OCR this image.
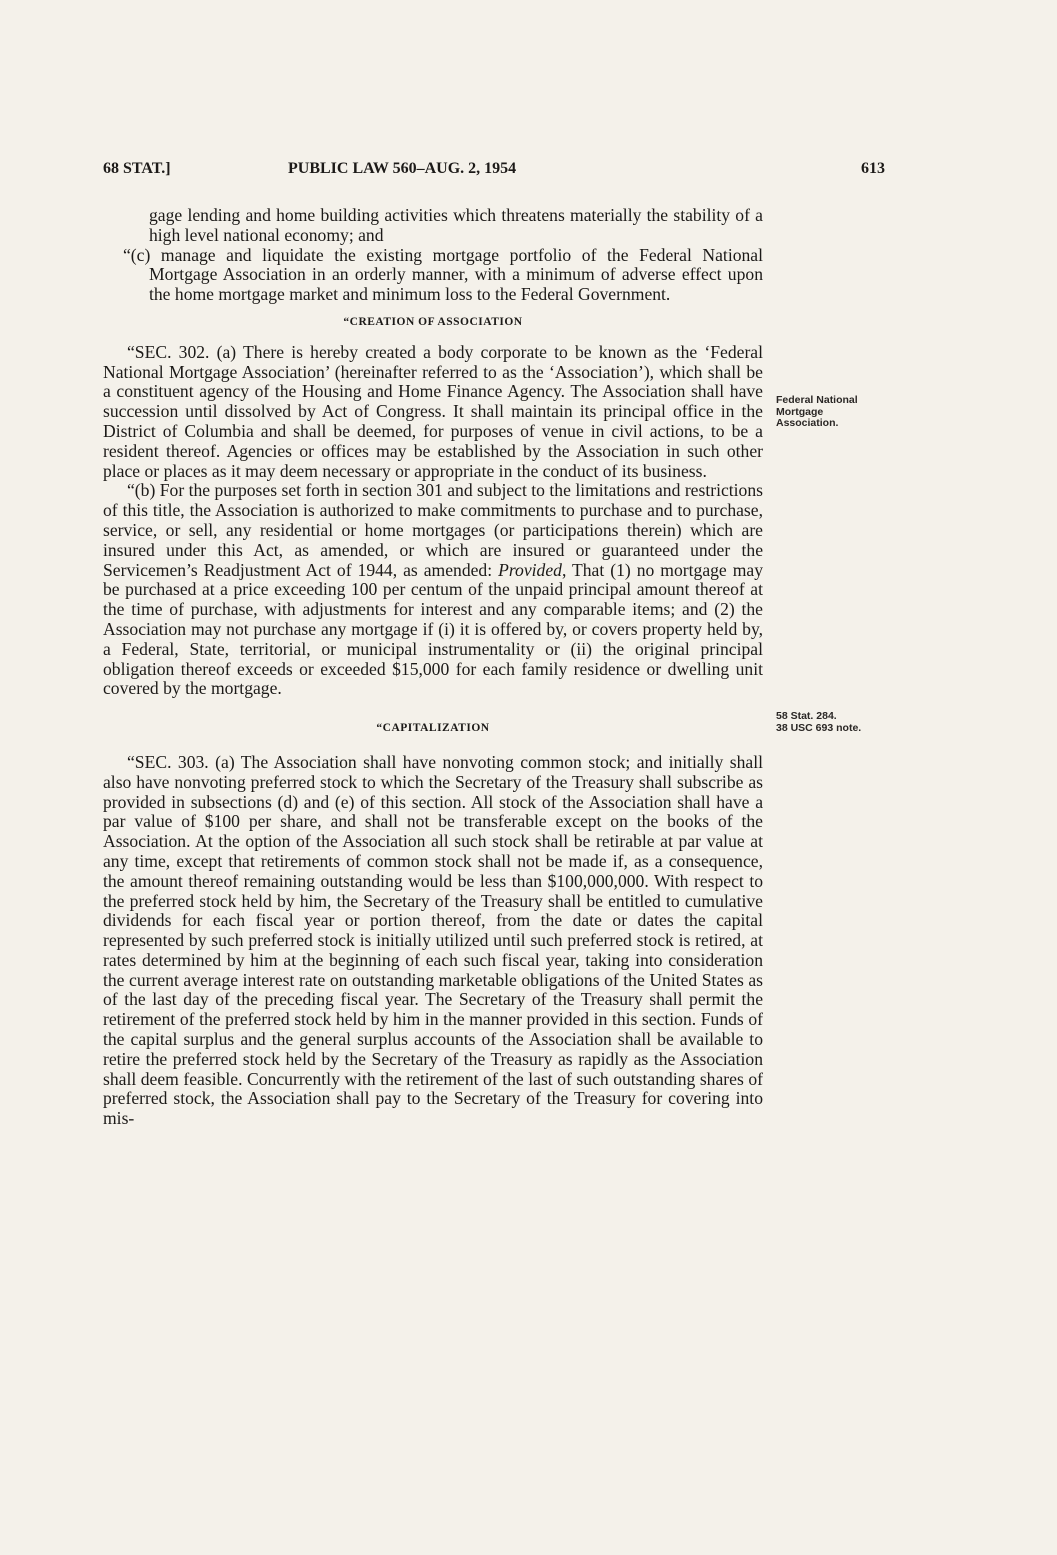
68 STAT.]	PUBLIC LAW 560–AUG. 2, 1954	613

gage lending and home building activities which threatens materially the stability of a high level national economy; and

“(c) manage and liquidate the existing mortgage portfolio of the Federal National Mortgage Association in an orderly manner, with a minimum of adverse effect upon the home mortgage market and minimum loss to the Federal Government.

“CREATION OF ASSOCIATION

“SEC. 302. (a) There is hereby created a body corporate to be known as the ‘Federal National Mortgage Association’ (hereinafter referred to as the ‘Association’), which shall be a constituent agency of the Housing and Home Finance Agency. The Association shall have succession until dissolved by Act of Congress. It shall maintain its principal office in the District of Columbia and shall be deemed, for purposes of venue in civil actions, to be a resident thereof. Agencies or offices may be established by the Association in such other place or places as it may deem necessary or appropriate in the conduct of its business.

“(b) For the purposes set forth in section 301 and subject to the limitations and restrictions of this title, the Association is authorized to make commitments to purchase and to purchase, service, or sell, any residential or home mortgages (or participations therein) which are insured under this Act, as amended, or which are insured or guaranteed under the Servicemen’s Readjustment Act of 1944, as amended: Provided, That (1) no mortgage may be purchased at a price exceeding 100 per centum of the unpaid principal amount thereof at the time of purchase, with adjustments for interest and any comparable items; and (2) the Association may not purchase any mortgage if (i) it is offered by, or covers property held by, a Federal, State, territorial, or municipal instrumentality or (ii) the original principal obligation thereof exceeds or exceeded $15,000 for each family residence or dwelling unit covered by the mortgage.

“CAPITALIZATION

“SEC. 303. (a) The Association shall have nonvoting common stock; and initially shall also have nonvoting preferred stock to which the Secretary of the Treasury shall subscribe as provided in subsections (d) and (e) of this section. All stock of the Association shall have a par value of $100 per share, and shall not be transferable except on the books of the Association. At the option of the Association all such stock shall be retirable at par value at any time, except that retirements of common stock shall not be made if, as a consequence, the amount thereof remaining outstanding would be less than $100,000,000. With respect to the preferred stock held by him, the Secretary of the Treasury shall be entitled to cumulative dividends for each fiscal year or portion thereof, from the date or dates the capital represented by such preferred stock is initially utilized until such preferred stock is retired, at rates determined by him at the beginning of each such fiscal year, taking into consideration the current average interest rate on outstanding marketable obligations of the United States as of the last day of the preceding fiscal year. The Secretary of the Treasury shall permit the retirement of the preferred stock held by him in the manner provided in this section. Funds of the capital surplus and the general surplus accounts of the Association shall be available to retire the preferred stock held by the Secretary of the Treasury as rapidly as the Association shall deem feasible. Concurrently with the retirement of the last of such outstanding shares of preferred stock, the Association shall pay to the Secretary of the Treasury for covering into mis-

Federal National Mortgage Association.
58 Stat. 284.
38 USC 693 note.
